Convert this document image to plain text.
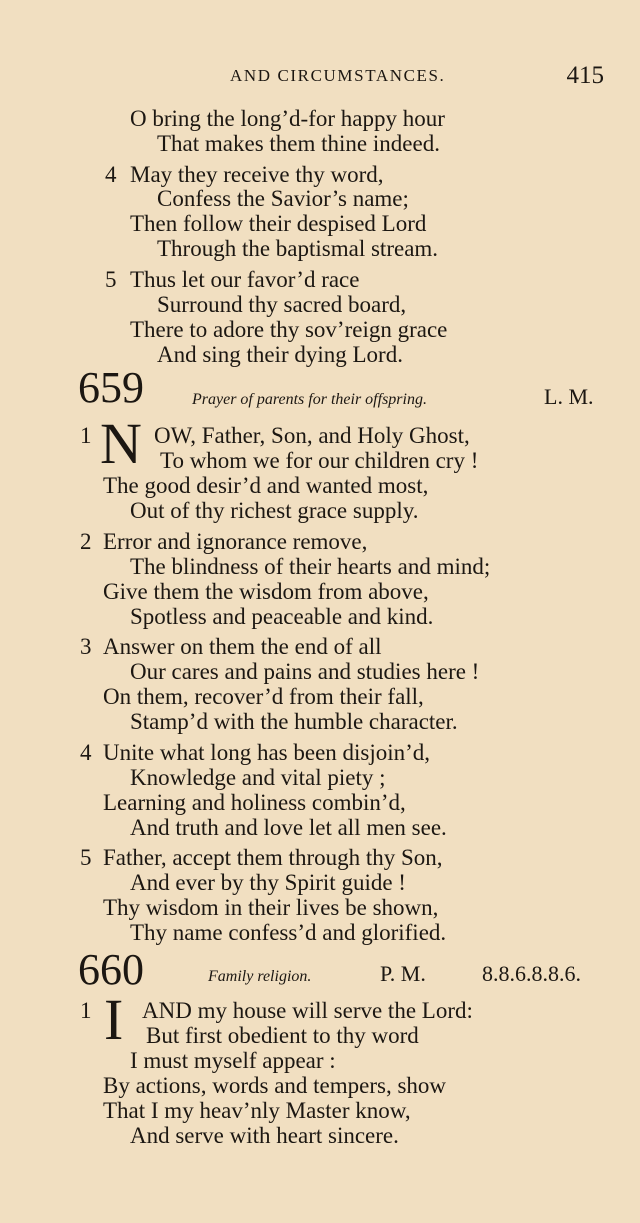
AND CIRCUMSTANCES.	415
O bring the long’d-for happy hour
That makes them thine indeed.
4 May they receive thy word,
Confess the Savior’s name;
Then follow their despised Lord
Through the baptismal stream.
5 Thus let our favor’d race
Surround thy sacred board,
There to adore thy sov’reign grace
And sing their dying Lord.
659	Prayer of parents for their offspring.	L. M.
1 N OW, Father, Son, and Holy Ghost,
To whom we for our children cry !
The good desir’d and wanted most,
Out of thy richest grace supply.
2 Error and ignorance remove,
The blindness of their hearts and mind;
Give them the wisdom from above,
Spotless and peaceable and kind.
3 Answer on them the end of all
Our cares and pains and studies here !
On them, recover’d from their fall,
Stamp’d with the humble character.
4 Unite what long has been disjoin’d,
Knowledge and vital piety ;
Learning and holiness combin’d,
And truth and love let all men see.
5 Father, accept them through thy Son,
And ever by thy Spirit guide !
Thy wisdom in their lives be shown,
Thy name confess’d and glorified.
660	Family religion.	P. M.	8.8.6.8.8.6.
1 I AND my house will serve the Lord:
But first obedient to thy word
I must myself appear :
By actions, words and tempers, show
That I my heav’nly Master know,
And serve with heart sincere.
